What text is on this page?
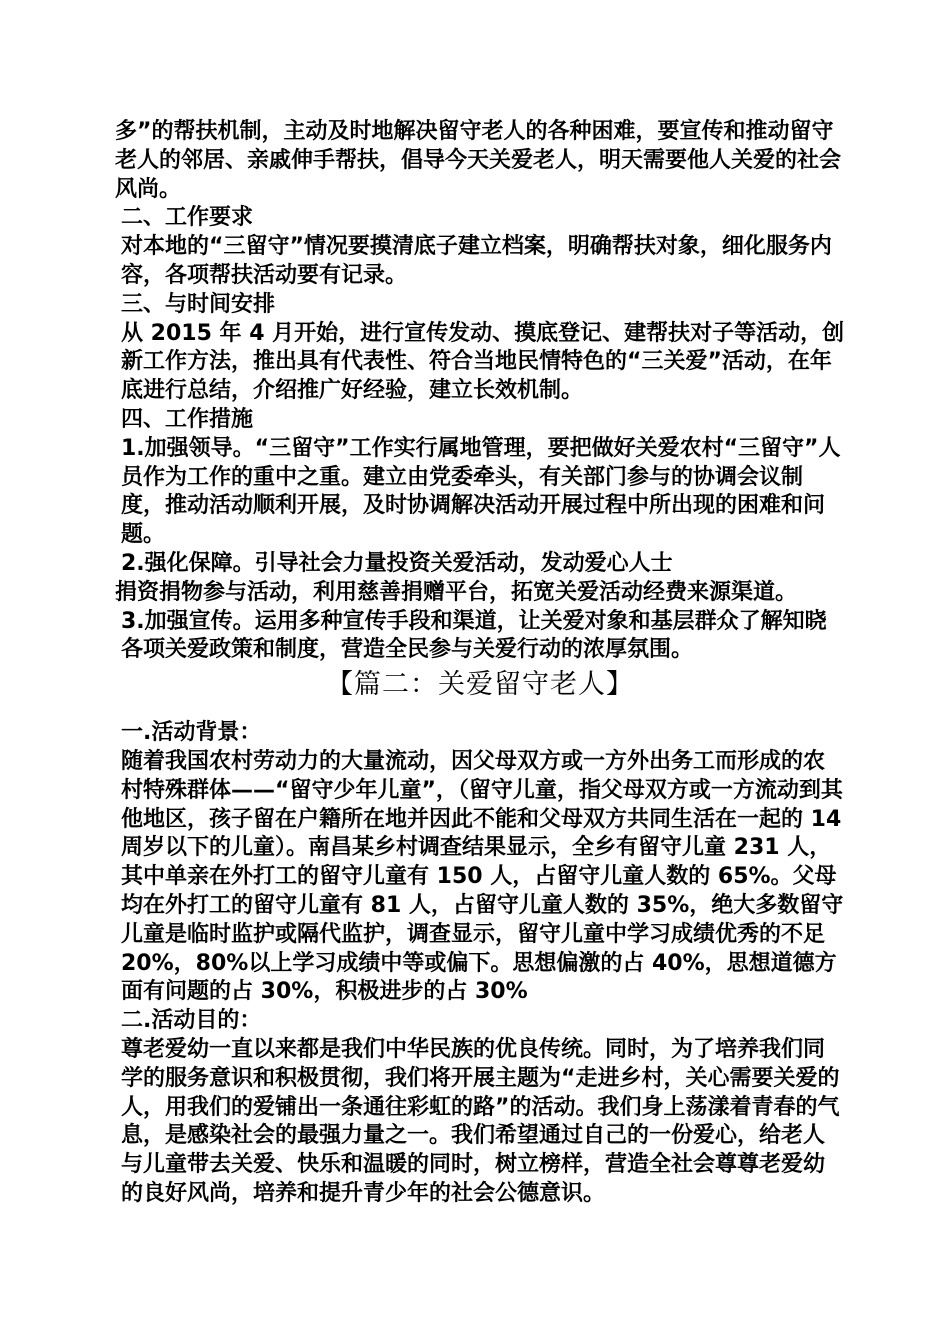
多”的帮扶机制，主动及时地解决留守老人的各种困难，要宣传和推动留守老人的邻居、亲戚伸手帮扶，倡导今天关爱老人，明天需要他人关爱的社会风尚。

二、工作要求

对本地的“三留守”情况要摸清底子建立档案，明确帮扶对象，细化服务内容，各项帮扶活动要有记录。

三、与时间安排

从 2015 年 4 月开始，进行宣传发动、摸底登记、建帮扶对子等活动，创新工作方法，推出具有代表性、符合当地民情特色的“三关爱”活动，在年底进行总结，介绍推广好经验，建立长效机制。

四、工作措施

1.加强领导。“三留守”工作实行属地管理，要把做好关爱农村“三留守”人员作为工作的重中之重。建立由党委牵头，有关部门参与的协调会议制度，推动活动顺利开展，及时协调解决活动开展过程中所出现的困难和问题。

2.强化保障。引导社会力量投资关爱活动，发动爱心人士

捐资捐物参与活动，利用慈善捐赠平台，拓宽关爱活动经费来源渠道。

3.加强宣传。运用多种宣传手段和渠道，让关爱对象和基层群众了解知晓各项关爱政策和制度，营造全民参与关爱行动的浓厚氛围。

【篇二：关爱留守老人】

一.活动背景：

随着我国农村劳动力的大量流动，因父母双方或一方外出务工而形成的农村特殊群体——“留守少年儿童”，（留守儿童，指父母双方或一方流动到其他地区，孩子留在户籍所在地并因此不能和父母双方共同生活在一起的 14 周岁以下的儿童）。南昌某乡村调查结果显示，全乡有留守儿童 231 人，其中单亲在外打工的留守儿童有 150 人，占留守儿童人数的 65%。父母均在外打工的留守儿童有 81 人，占留守儿童人数的 35%，绝大多数留守儿童是临时监护或隔代监护，调查显示，留守儿童中学习成绩优秀的不足 20%，80%以上学习成绩中等或偏下。思想偏激的占 40%，思想道德方面有问题的占 30%，积极进步的占 30%

二.活动目的：

尊老爱幼一直以来都是我们中华民族的优良传统。同时，为了培养我们同学的服务意识和积极贯彻，我们将开展主题为“走进乡村，关心需要关爱的人，用我们的爱铺出一条通往彩虹的路”的活动。我们身上荡漾着青春的气息，是感染社会的最强力量之一。我们希望通过自己的一份爱心，给老人与儿童带去关爱、快乐和温暖的同时，树立榜样，营造全社会尊尊老爱幼的良好风尚，培养和提升青少年的社会公德意识。
